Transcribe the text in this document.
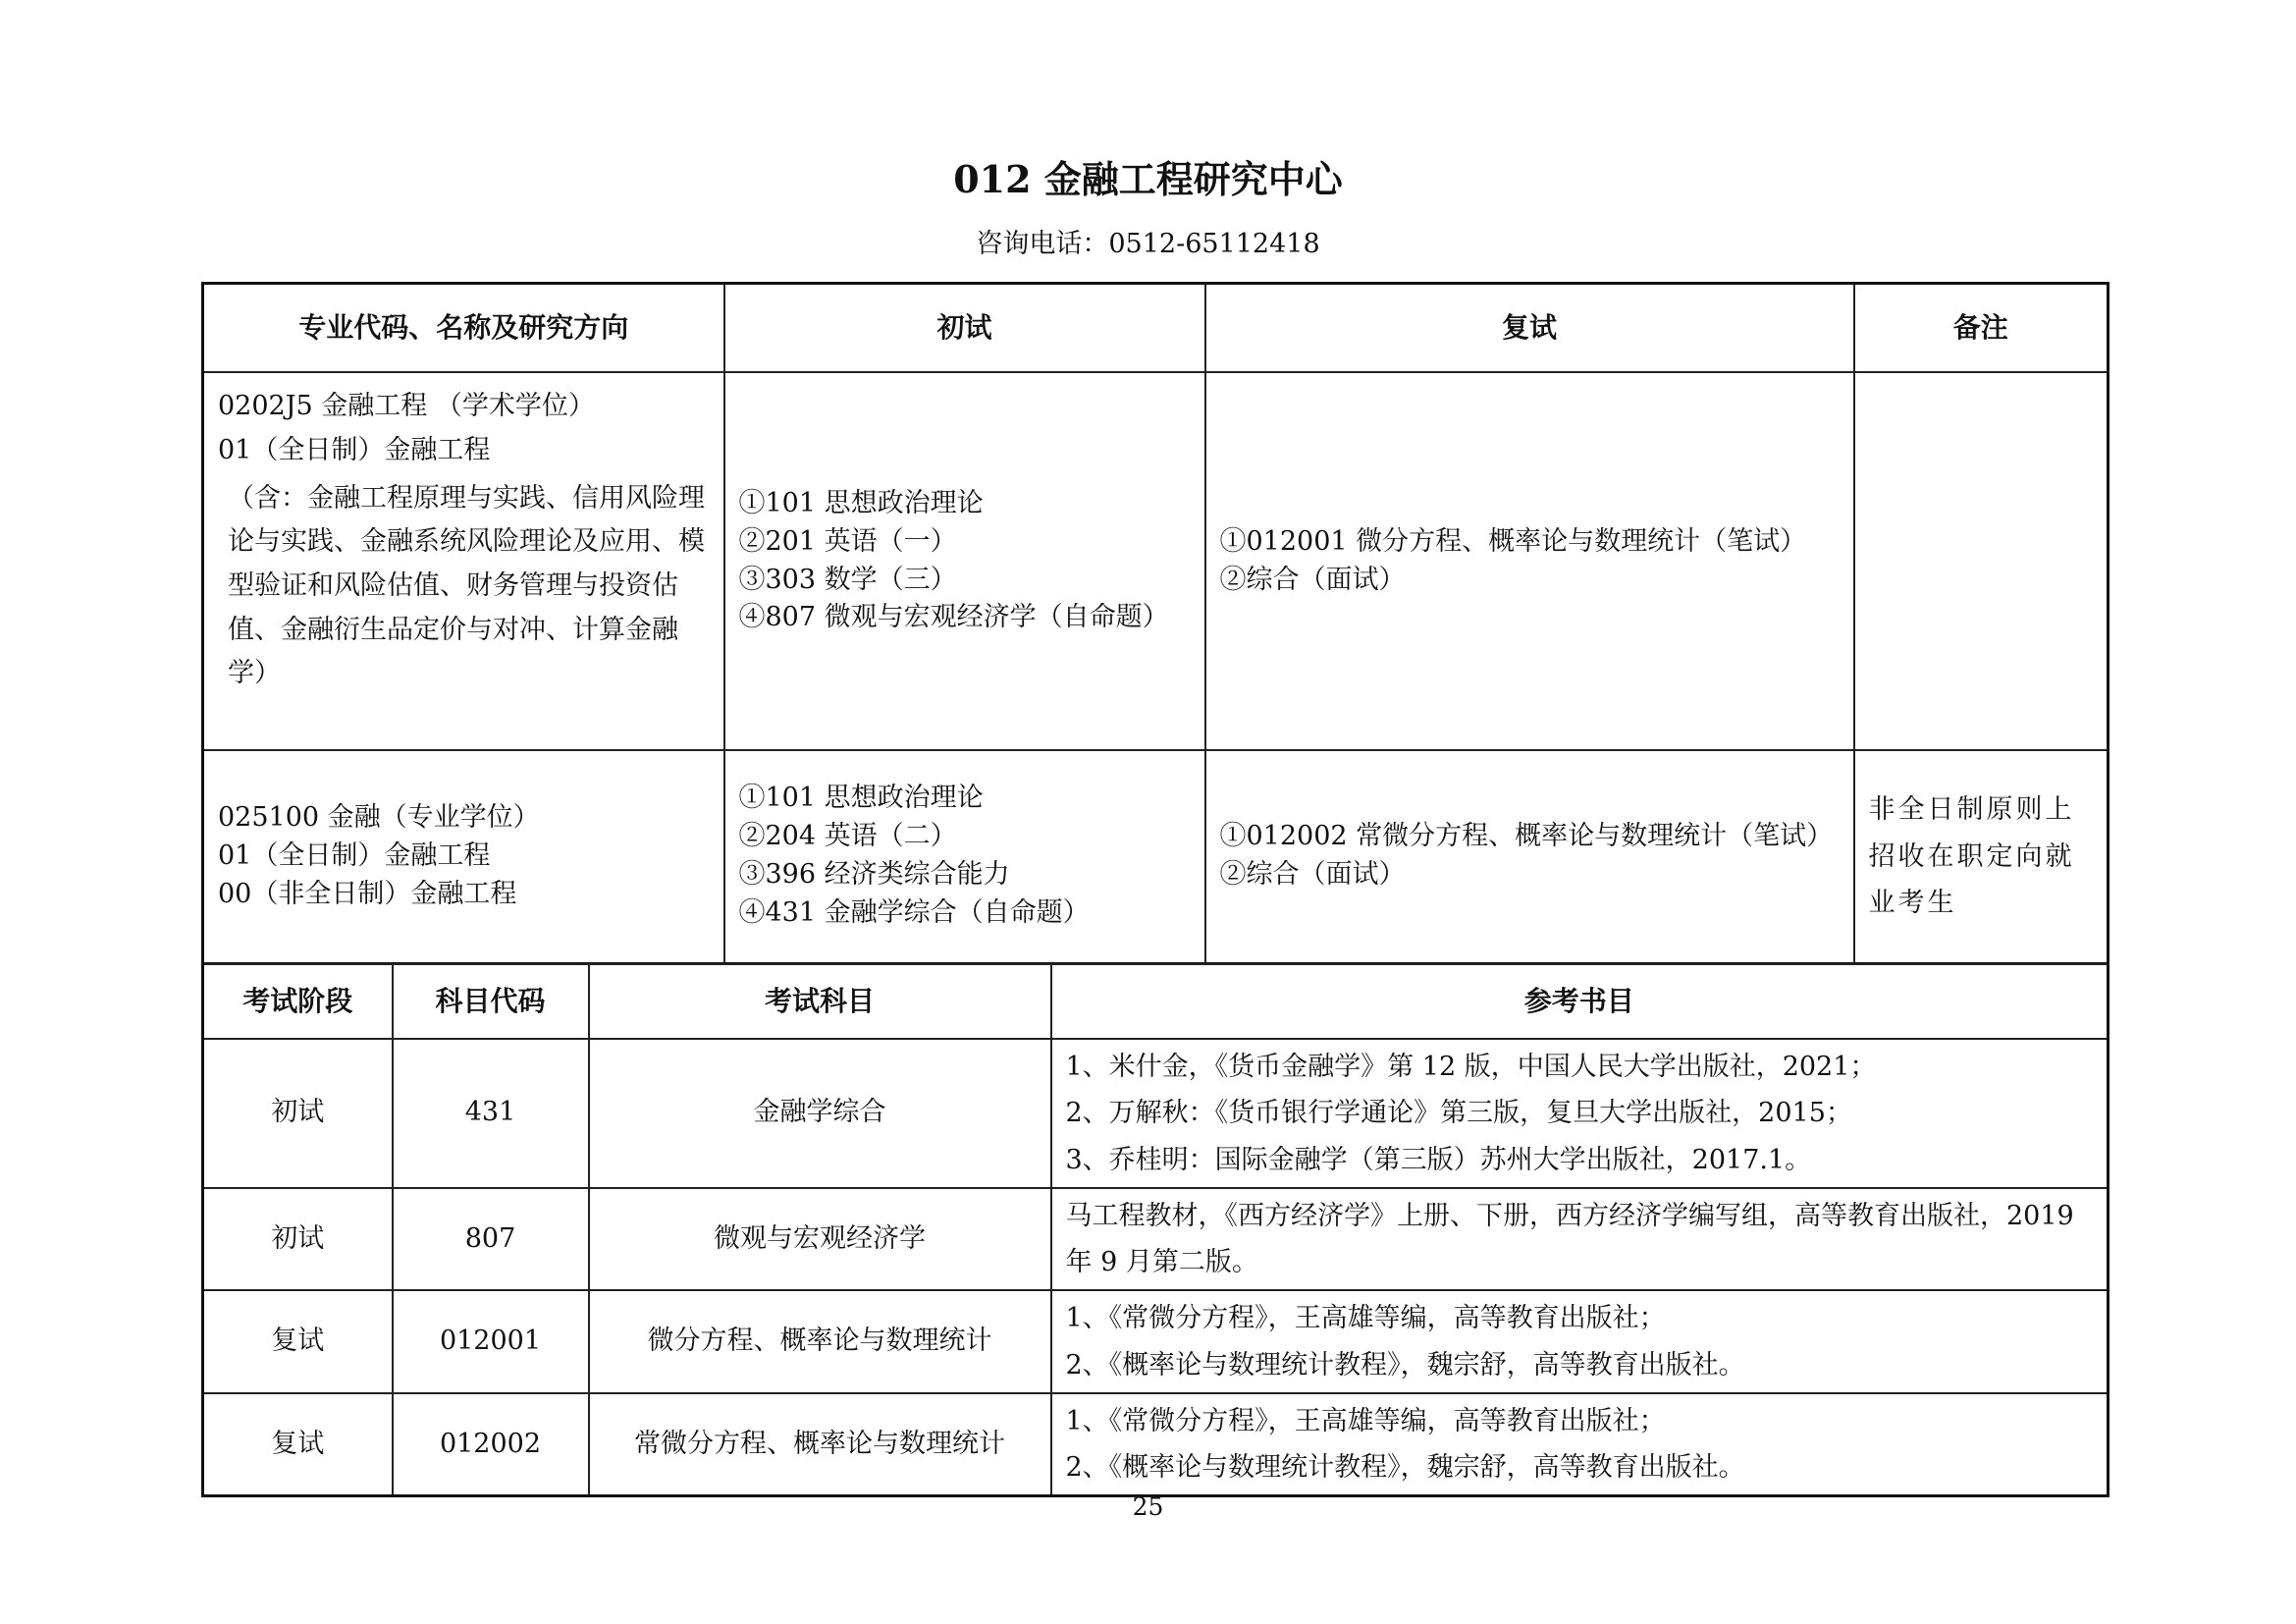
012 金融工程研究中心
咨询电话：0512-65112418
专业代码、名称及研究方向	初试	复试	备注

0202J5 金融工程 （学术学位）
01（全日制）金融工程
（含：金融工程原理与实践、信用风险理论与实践、金融系统风险理论及应用、模型验证和风险估值、财务管理与投资估值、金融衍生品定价与对冲、计算金融学）	①101 思想政治理论
②201 英语（一）
③303 数学（三）
④807 微观与宏观经济学（自命题）	①012001 微分方程、概率论与数理统计（笔试）
②综合（面试）	

025100 金融（专业学位）
01（全日制）金融工程
00（非全日制）金融工程	①101 思想政治理论
②204 英语（二）
③396 经济类综合能力
④431 金融学综合（自命题）	①012002 常微分方程、概率论与数理统计（笔试）
②综合（面试）	非全日制原则上招收在职定向就业考生
考试阶段	科目代码	考试科目	参考书目
初试	431	金融学综合	1、米什金，《货币金融学》第 12 版，中国人民大学出版社，2021；
2、万解秋：《货币银行学通论》第三版，复旦大学出版社，2015；
3、乔桂明：国际金融学（第三版）苏州大学出版社，2017.1。

初试	807	微观与宏观经济学	马工程教材，《西方经济学》上册、下册，西方经济学编写组，高等教育出版社，2019 年 9 月第二版。
复试	012001	微分方程、概率论与数理统计	1、《常微分方程》，王高雄等编，高等教育出版社；
2、《概率论与数理统计教程》，魏宗舒，高等教育出版社。

复试	012002	常微分方程、概率论与数理统计	1、《常微分方程》，王高雄等编，高等教育出版社；
2、《概率论与数理统计教程》，魏宗舒，高等教育出版社。
25
